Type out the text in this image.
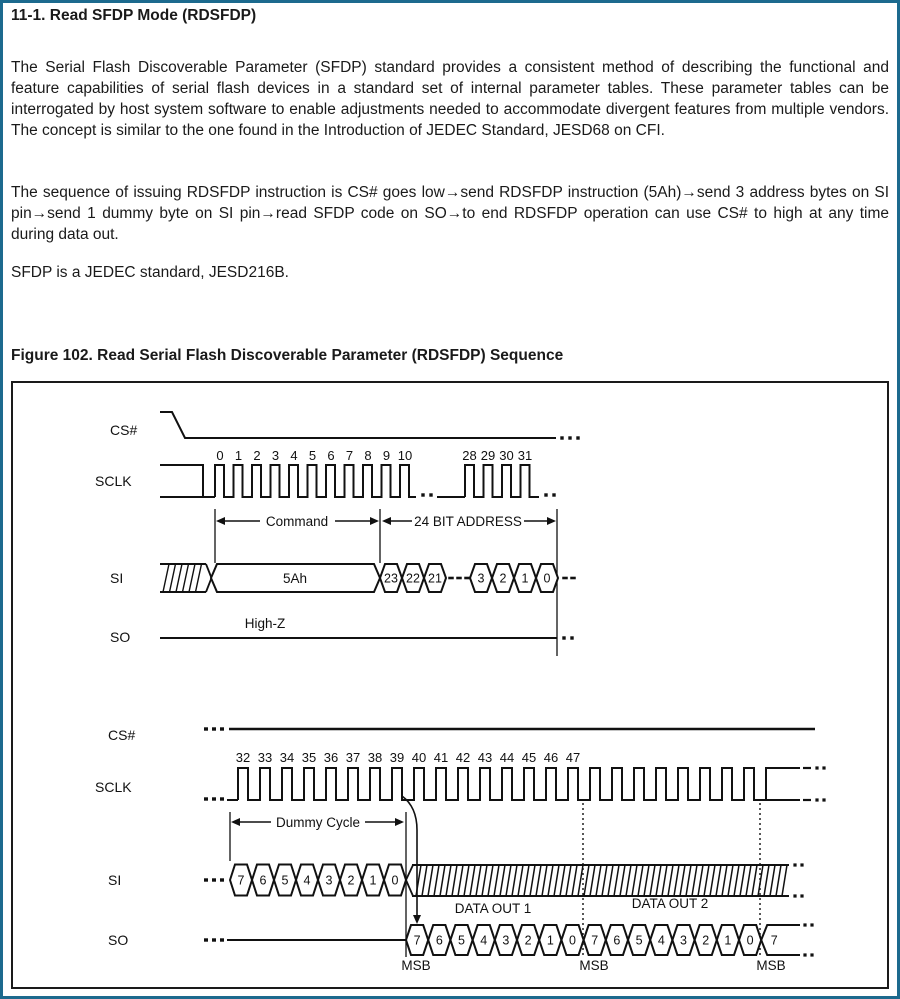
11-1. Read SFDP Mode (RDSFDP)

The Serial Flash Discoverable Parameter (SFDP) standard provides a consistent method of describing the functional and feature capabilities of serial flash devices in a standard set of internal parameter tables. These parameter tables can be interrogated by host system software to enable adjustments needed to accommodate divergent features from multiple vendors. The concept is similar to the one found in the Introduction of JEDEC Standard, JESD68 on CFI.

The sequence of issuing RDSFDP instruction is CS# goes low→send RDSFDP instruction (5Ah)→send 3 address bytes on SI pin→send 1 dummy byte on SI pin→read SFDP code on SO→to end RDSFDP operation can use CS# to high at any time during data out.

SFDP is a JEDEC standard, JESD216B.

Figure 102. Read Serial Flash Discoverable Parameter (RDSFDP) Sequence
CS#
SCLK
0 1 2 3 4 5 6 7 8 9 10	28 29 30 31
Command	24 BIT ADDRESS
SI	5Ah	23 22 21	3 2 1 0
SO
High-Z
CS#
SCLK
32 33 34 35 36 37 38 39 40 41 42 43 44 45 46 47
Dummy Cycle
SI	7 6 5 4 3 2 1 0
SO	7 6 5 4 3 2 1 0 7 6 5 4 3 2 1 0 7
DATA OUT 1	DATA OUT 2
MSB	MSB	MSB
